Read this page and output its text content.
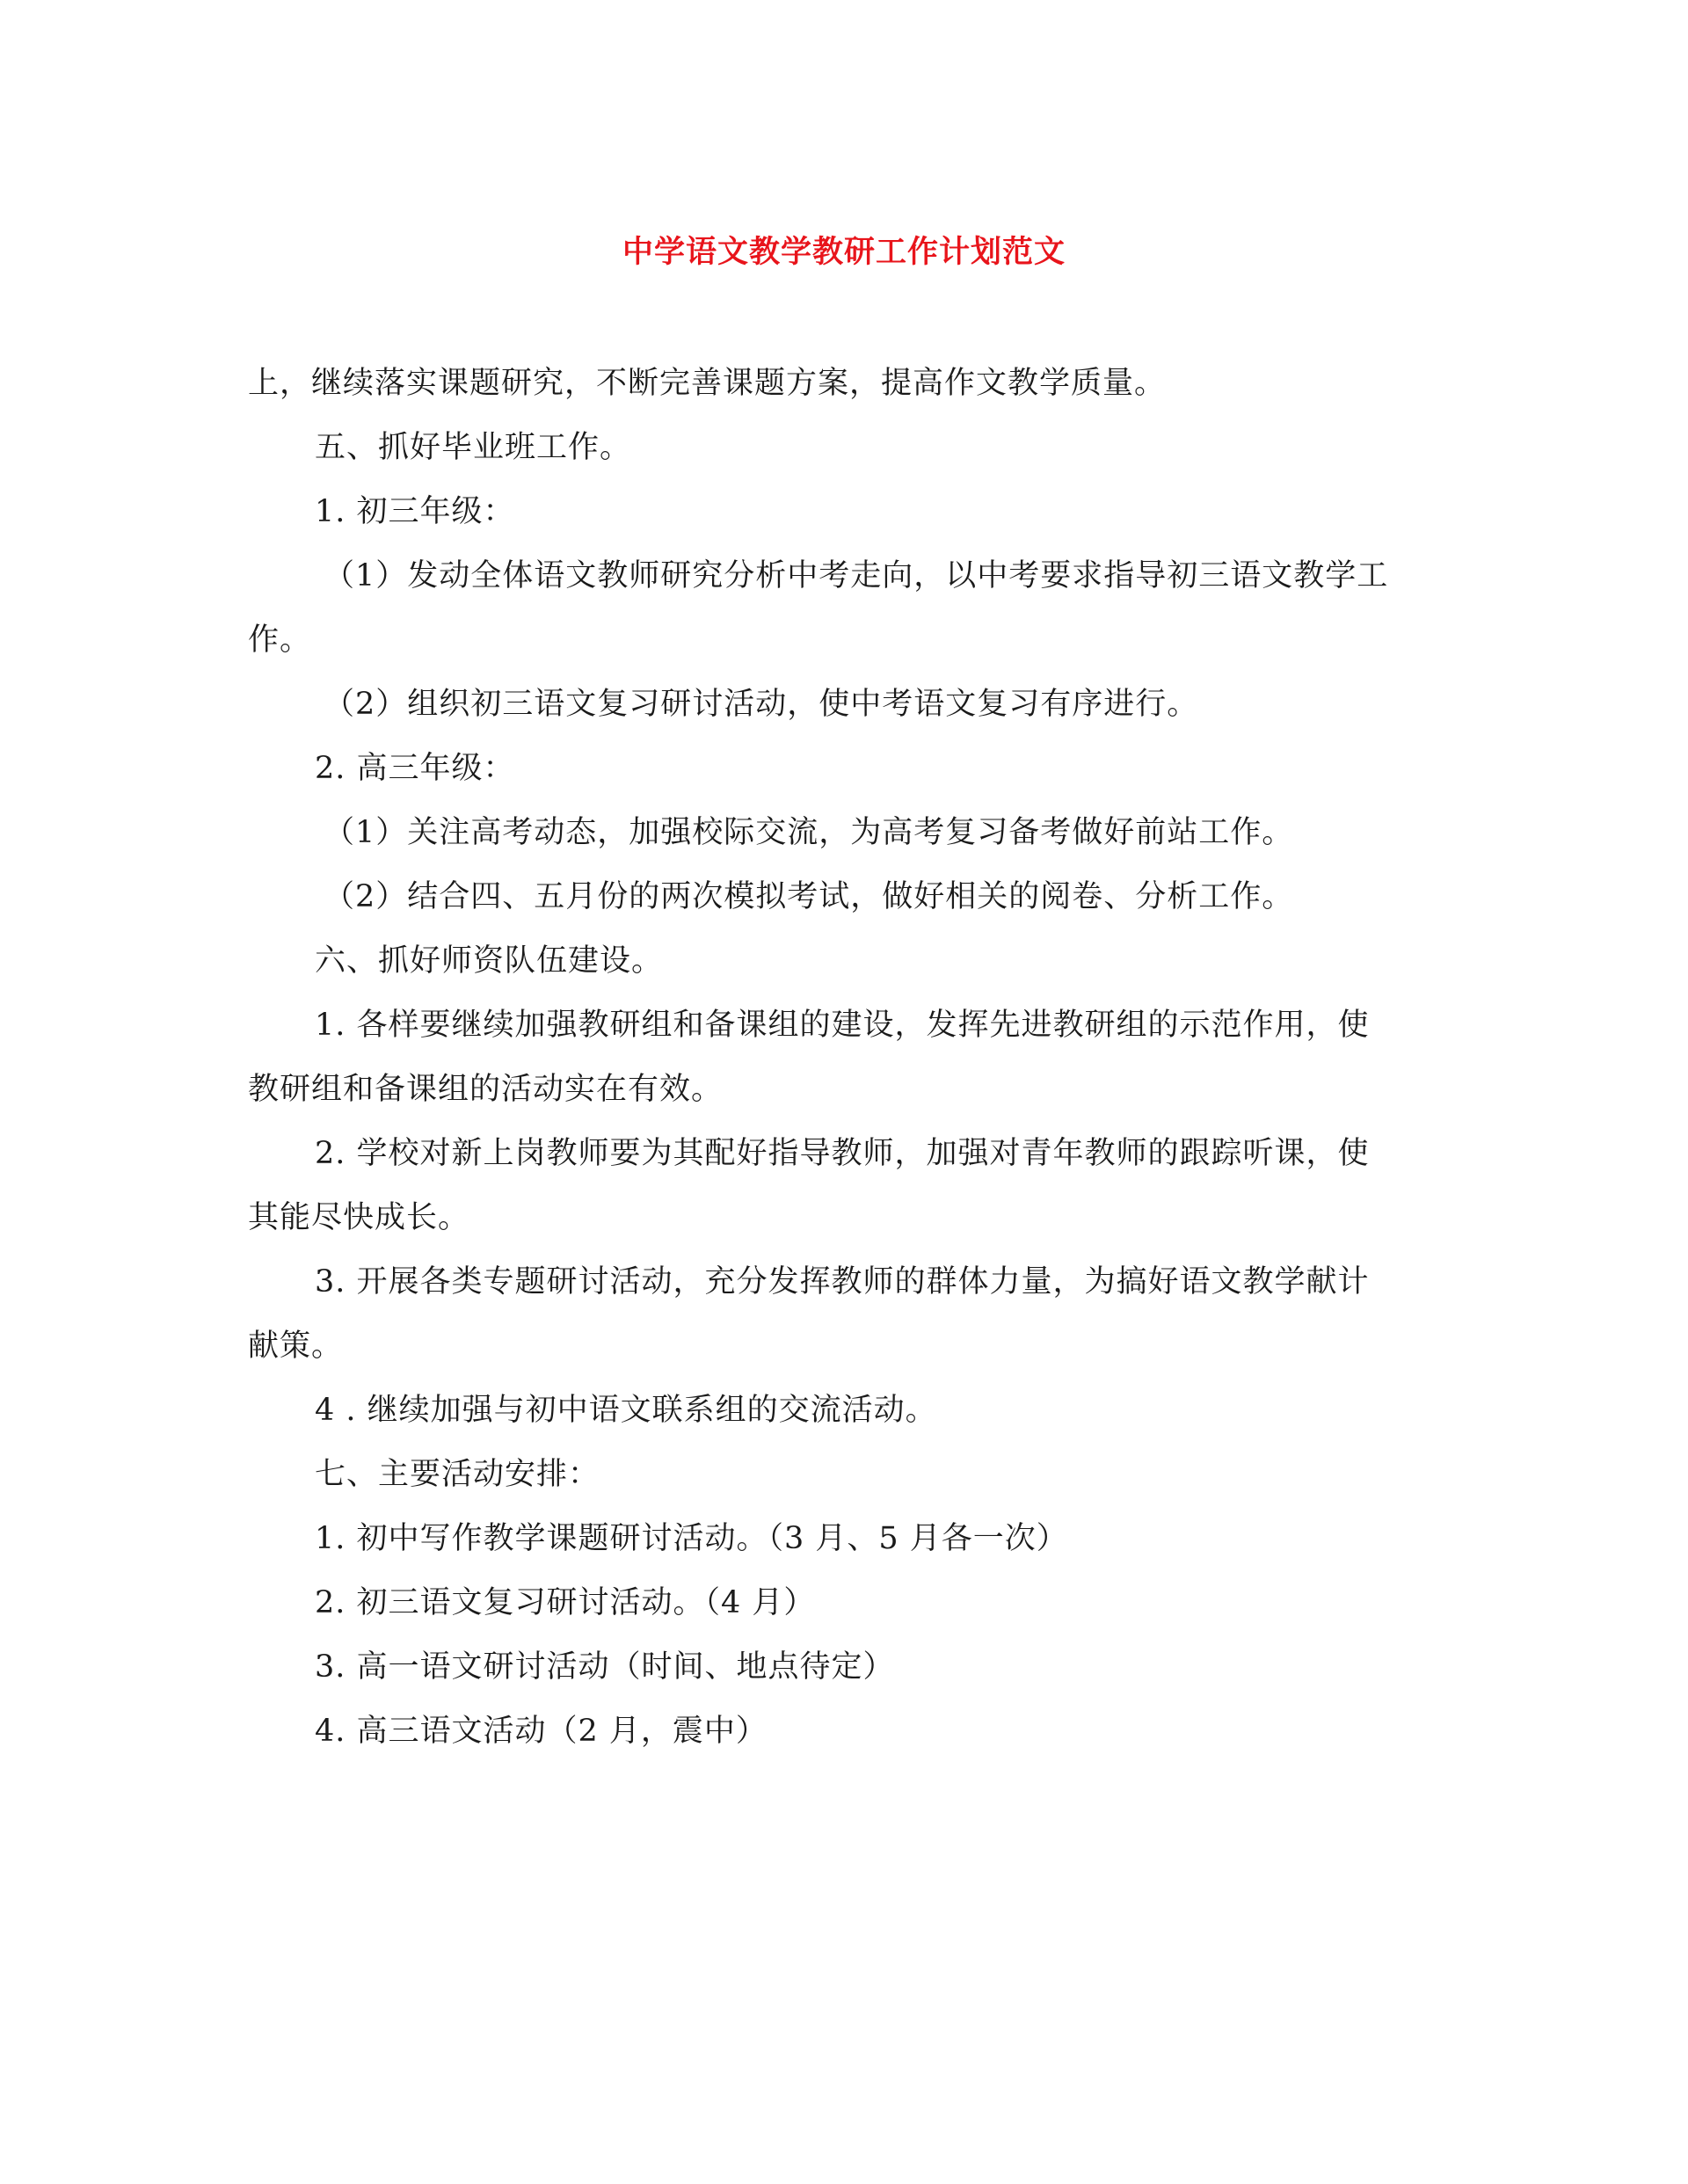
中学语文教学教研工作计划范文
上，继续落实课题研究，不断完善课题方案，提高作文教学质量。
五、抓好毕业班工作。
1. 初三年级：
（1）发动全体语文教师研究分析中考走向，以中考要求指导初三语文教学工
作。
（2）组织初三语文复习研讨活动，使中考语文复习有序进行。
2. 高三年级：
（1）关注高考动态，加强校际交流，为高考复习备考做好前站工作。
（2）结合四、五月份的两次模拟考试，做好相关的阅卷、分析工作。
六、抓好师资队伍建设。
1. 各样要继续加强教研组和备课组的建设，发挥先进教研组的示范作用，使
教研组和备课组的活动实在有效。
2. 学校对新上岗教师要为其配好指导教师，加强对青年教师的跟踪听课，使
其能尽快成长。
3. 开展各类专题研讨活动，充分发挥教师的群体力量，为搞好语文教学献计
献策。
4 . 继续加强与初中语文联系组的交流活动。
七、主要活动安排：
1. 初中写作教学课题研讨活动。（3 月、5 月各一次）
2. 初三语文复习研讨活动。（4 月）
3. 高一语文研讨活动（时间、地点待定）
4. 高三语文活动（2 月，震中）
